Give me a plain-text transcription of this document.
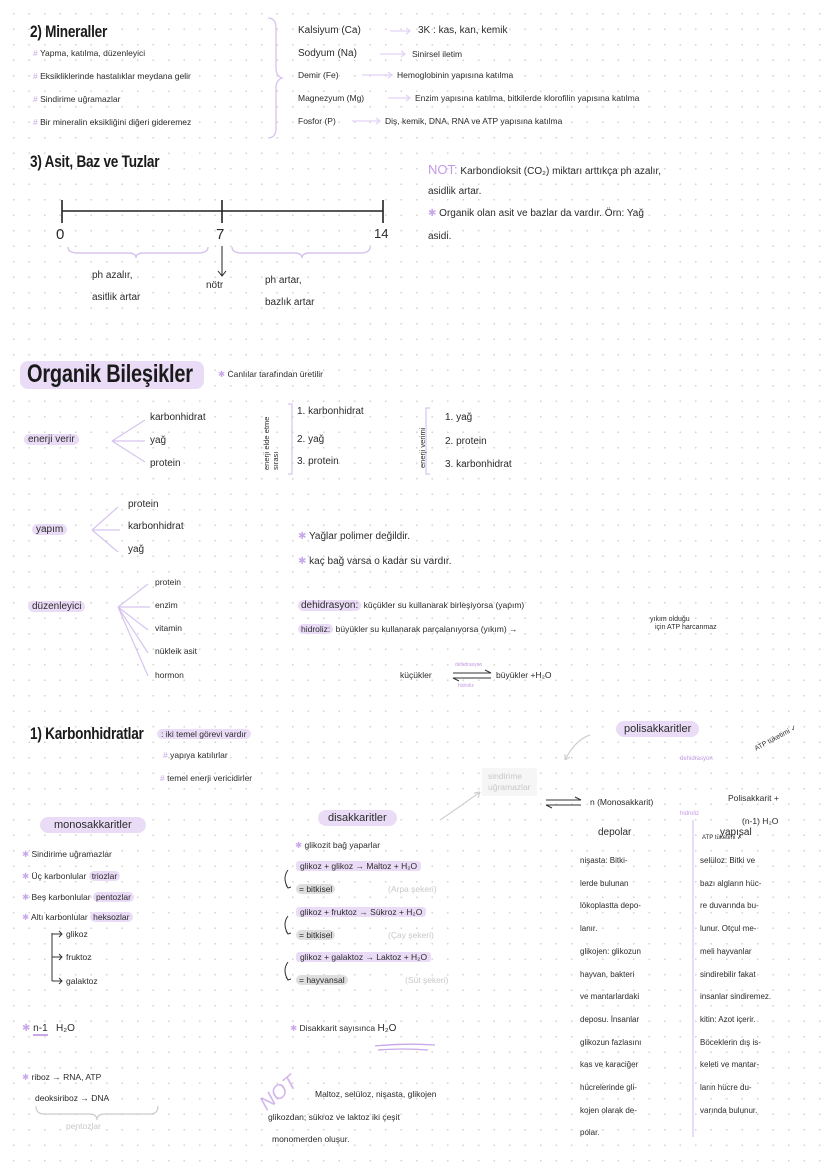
2) Mineraller
# Yapma, katılma, düzenleyici
# Eksikliklerinde hastalıklar meydana gelir
# Sindirime uğramazlar
# Bir mineralin eksikliğini diğeri gideremez
Kalsiyum (Ca)	3K : kas, kan, kemik
Sodyum (Na)	Sinirsel iletim
Demir (Fe)	Hemoglobinin yapısına katılma
Magnezyum (Mg)	Enzim yapısına katılma, bitkilerde klorofilin yapısına katılma
Fosfor (P)	Diş, kemik, DNA, RNA ve ATP yapısına katılma
3) Asit, Baz ve Tuzlar
0	7	14
ph azalır,
asitlik artar
nötr	ph artar,
bazlık artar
NOT: Karbondioksit (CO₂) miktarı arttıkça ph azalır,
asidlik artar.
✱ Organik olan asit ve bazlar da vardır. Örn: Yağ
asidi.
Organik Bileşikler	✱ Canlılar tarafından üretilir
enerji verir
karbonhidrat
yağ
protein	enerji elde etme sırası
1. karbonhidrat
2. yağ
3. protein	enerji verimi
1. yağ
2. protein
3. karbonhidrat
yapım
protein
karbonhidrat
yağ
düzenleyici
protein
enzim
vitamin
nükleik asit
hormon
✱ Yağlar polimer değildir.
✱ kaç bağ varsa o kadar su vardır.
dehidrasyon: küçükler su kullanarak birleşiyorsa (yapım)
hidroliz: büyükler su kullanarak parçalanıyorsa (yıkım) →
yıkım olduğu
için ATP harcanmaz
küçükler
dehidrasyon
hidroliz
büyükler +H₂O
1) Karbonhidratlar	: iki temel görevi vardır
# yapıya katılırlar
# temel enerji vericidirler	sindirime
uğramazlar
polisakkaritler	ATP tüketimi ✓
dehidrasyon
hidroliz
n (Monosakkarit)	Polisakkarit +
(n-1) H₂O
ATP tüketimi ✗
monosakkaritler
✱ Sindirime uğramazlar
✱ Üç karbonlular triozlar
✱ Beş karbonlular pentozlar
✱ Altı karbonlular heksozlar
glikoz
fruktoz
galaktoz
✱ n-1 H₂O
✱ riboz → RNA, ATP
deoksiriboz → DNA
pentozlar
disakkaritler
✱ glikozit bağ yaparlar
glikoz + glikoz → Maltoz + H₂O
= bitkisel	(Arpa şekeri)
glikoz + fruktoz → Sükroz + H₂O
= bitkisel	(Çay şekeri)
glikoz + galaktoz → Laktoz + H₂O
= hayvansal	(Süt şekeri)
✱ Disakkarit sayısınca H₂O
NOT Maltoz, selüloz, nişasta, glikojen
glikozdan; sükroz ve laktoz iki çeşit
monomerden oluşur.
depolar
nişasta: Bitki-
lerde bulunan
lökoplastta depo-
lanır.
glikojen: glikozun
hayvan, bakteri
ve mantarlardaki
deposu. İnsanlar
glikozun fazlasını
kas ve karaciğer
hücrelerinde gli-
kojen olarak de-
polar.
yapısal
selüloz: Bitki ve
bazı algların hüc-
re duvarında bu-
lunur. Otçul me-
meli hayvanlar
sindirebilir fakat
insanlar sindiremez.
kitin: Azot içerir.
Böceklerin dış is-
keleti ve mantar-
ların hücre du-
varında bulunur.
